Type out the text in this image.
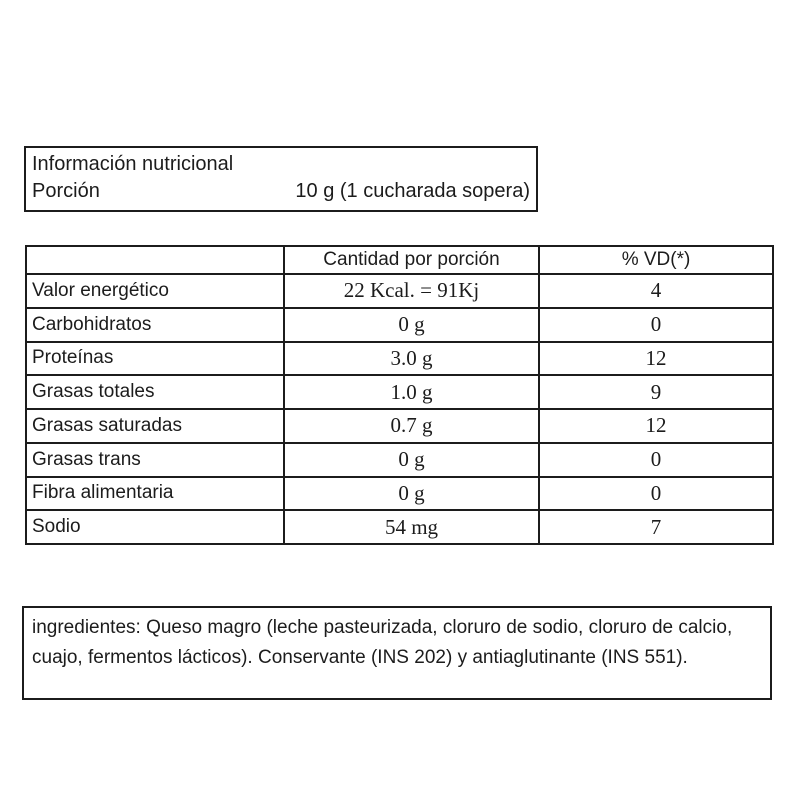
Información nutricional
Porción	10 g (1 cucharada sopera)
	Cantidad por porción	% VD(*)
Valor energético	22 Kcal. = 91Kj	4
Carbohidratos	0 g	0
Proteínas	3.0 g	12
Grasas totales	1.0 g	9
Grasas saturadas	0.7 g	12
Grasas trans	0 g	0
Fibra alimentaria	0 g	0
Sodio	54 mg	7
ingredientes: Queso magro (leche pasteurizada, cloruro de sodio, cloruro de calcio, cuajo, fermentos lácticos). Conservante (INS 202) y antiaglutinante (INS 551).
